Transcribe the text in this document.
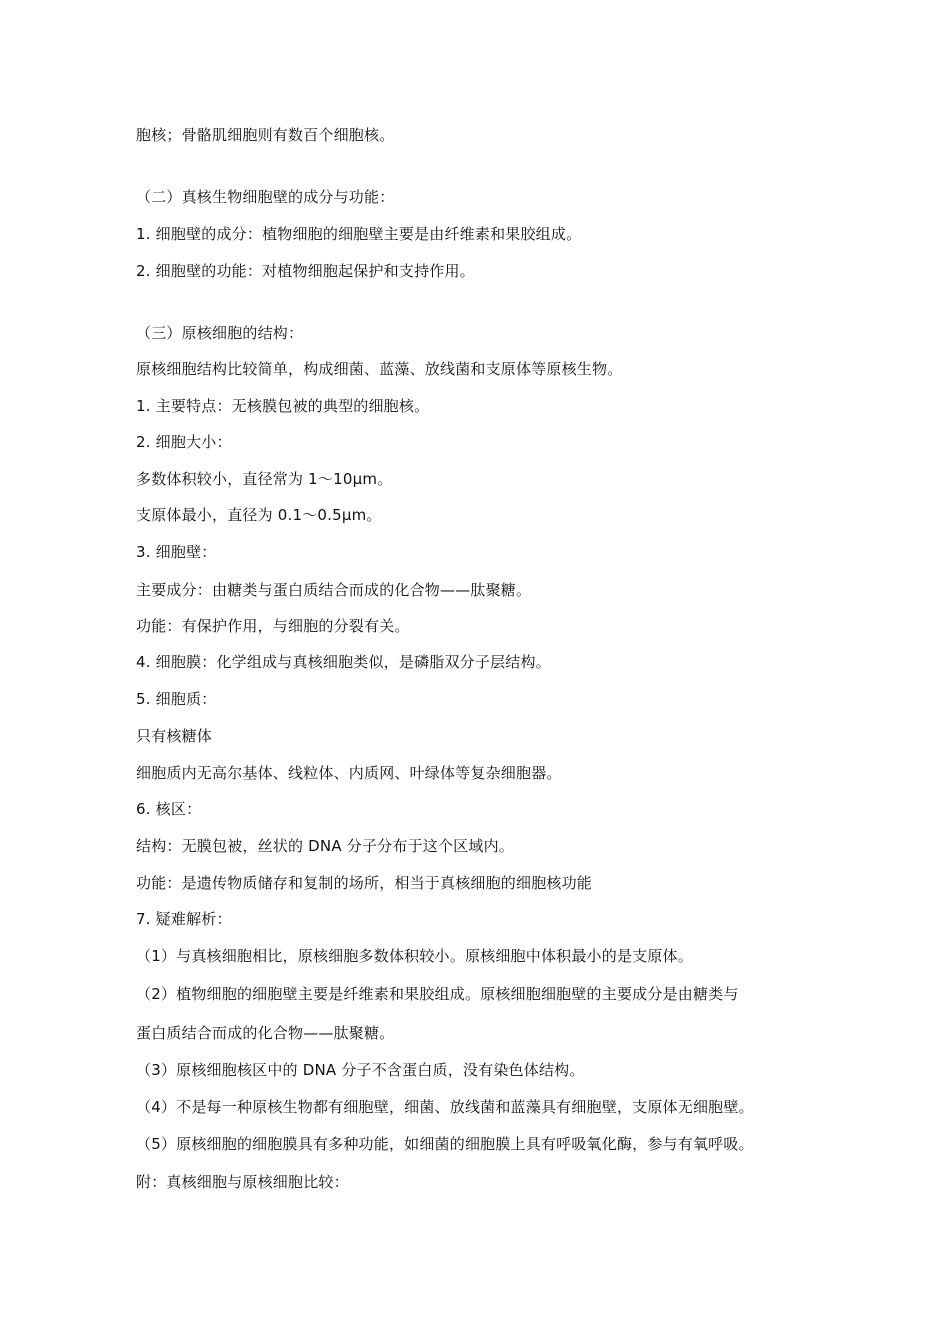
胞核；骨骼肌细胞则有数百个细胞核。
（二）真核生物细胞壁的成分与功能：
1. 细胞壁的成分：植物细胞的细胞壁主要是由纤维素和果胶组成。
2. 细胞壁的功能：对植物细胞起保护和支持作用。
（三）原核细胞的结构：
原核细胞结构比较简单，构成细菌、蓝藻、放线菌和支原体等原核生物。
1. 主要特点：无核膜包被的典型的细胞核。
2. 细胞大小：
多数体积较小，直径常为 1～10μm。
支原体最小，直径为 0.1～0.5μm。
3. 细胞壁：
主要成分：由糖类与蛋白质结合而成的化合物——肽聚糖。
功能：有保护作用，与细胞的分裂有关。
4. 细胞膜：化学组成与真核细胞类似，是磷脂双分子层结构。
5. 细胞质：
只有核糖体
细胞质内无高尔基体、线粒体、内质网、叶绿体等复杂细胞器。
6. 核区：
结构：无膜包被，丝状的 DNA 分子分布于这个区域内。
功能：是遗传物质储存和复制的场所，相当于真核细胞的细胞核功能
7. 疑难解析：
（1）与真核细胞相比，原核细胞多数体积较小。原核细胞中体积最小的是支原体。
（2）植物细胞的细胞壁主要是纤维素和果胶组成。原核细胞细胞壁的主要成分是由糖类与
蛋白质结合而成的化合物——肽聚糖。
（3）原核细胞核区中的 DNA 分子不含蛋白质，没有染色体结构。
（4）不是每一种原核生物都有细胞壁，细菌、放线菌和蓝藻具有细胞壁，支原体无细胞壁。
（5）原核细胞的细胞膜具有多种功能，如细菌的细胞膜上具有呼吸氧化酶，参与有氧呼吸。
附：真核细胞与原核细胞比较：
